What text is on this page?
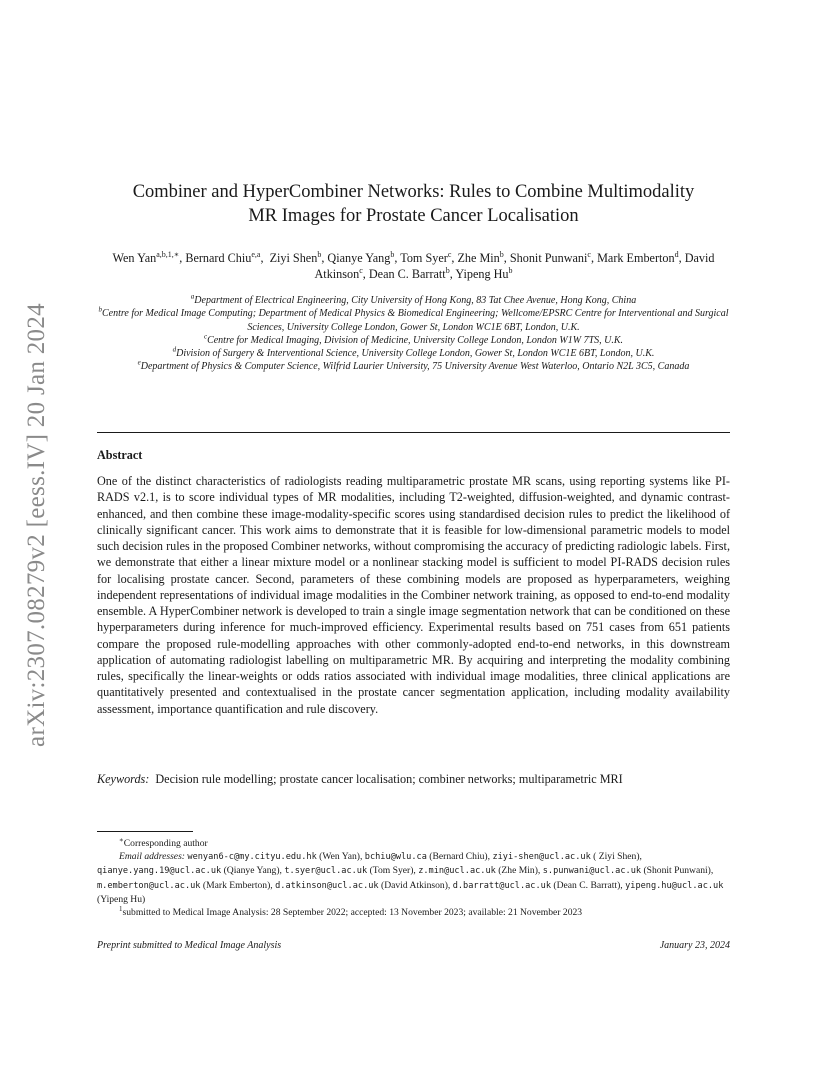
arXiv:2307.08279v2 [eess.IV] 20 Jan 2024
Combiner and HyperCombiner Networks: Rules to Combine Multimodality
MR Images for Prostate Cancer Localisation
Wen Yan$^{a,b,1,∗}$, Bernard Chiu$^{e,a}$,  Ziyi Shen$^b$, Qianye Yang$^b$, Tom Syer$^c$, Zhe Min$^b$, Shonit Punwani$^c$, Mark Emberton$^d$, David Atkinson$^c$, Dean C. Barratt$^b$, Yipeng Hu$^b$
$^a$Department of Electrical Engineering, City University of Hong Kong, 83 Tat Chee Avenue, Hong Kong, China
$^b$Centre for Medical Image Computing; Department of Medical Physics & Biomedical Engineering; Wellcome/EPSRC Centre for Interventional and Surgical Sciences, University College London, Gower St, London WC1E 6BT, London, U.K.
$^c$Centre for Medical Imaging, Division of Medicine, University College London, London W1W 7TS, U.K.
$^d$Division of Surgery & Interventional Science, University College London, Gower St, London WC1E 6BT, London, U.K.
$^e$Department of Physics & Computer Science, Wilfrid Laurier University, 75 University Avenue West Waterloo, Ontario N2L 3C5, Canada
Abstract
One of the distinct characteristics of radiologists reading multiparametric prostate MR scans, using reporting systems like PI-RADS v2.1, is to score individual types of MR modalities, including T2-weighted, diffusion-weighted, and dynamic contrast-enhanced, and then combine these image-modality-specific scores using standardised decision rules to predict the likelihood of clinically significant cancer. This work aims to demonstrate that it is feasible for low-dimensional parametric models to model such decision rules in the proposed Combiner networks, without compromising the accuracy of predicting radiologic labels. First, we demonstrate that either a linear mixture model or a nonlinear stacking model is sufficient to model PI-RADS decision rules for localising prostate cancer. Second, parameters of these combining models are proposed as hyperparameters, weighing independent representations of individual image modalities in the Combiner network training, as opposed to end-to-end modality ensemble. A HyperCombiner network is developed to train a single image segmentation network that can be conditioned on these hyperparameters during inference for much-improved efficiency. Experimental results based on 751 cases from 651 patients compare the proposed rule-modelling approaches with other commonly-adopted end-to-end networks, in this downstream application of automating radiologist labelling on multiparametric MR. By acquiring and interpreting the modality combining rules, specifically the linear-weights or odds ratios associated with individual image modalities, three clinical applications are quantitatively presented and contextualised in the prostate cancer segmentation application, including modality availability assessment, importance quantification and rule discovery.
Keywords: Decision rule modelling; prostate cancer localisation; combiner networks; multiparametric MRI
∗Corresponding author
Email addresses: wenyan6-c@my.cityu.edu.hk (Wen Yan), bchiu@wlu.ca (Bernard Chiu), ziyi-shen@ucl.ac.uk ( Ziyi Shen), qianye.yang.19@ucl.ac.uk (Qianye Yang), t.syer@ucl.ac.uk (Tom Syer), z.min@ucl.ac.uk (Zhe Min), s.punwani@ucl.ac.uk (Shonit Punwani), m.emberton@ucl.ac.uk (Mark Emberton), d.atkinson@ucl.ac.uk (David Atkinson), d.barratt@ucl.ac.uk (Dean C. Barratt), yipeng.hu@ucl.ac.uk (Yipeng Hu)
$^1$submitted to Medical Image Analysis: 28 September 2022; accepted: 13 November 2023; available: 21 November 2023
Preprint submitted to Medical Image Analysis	January 23, 2024
